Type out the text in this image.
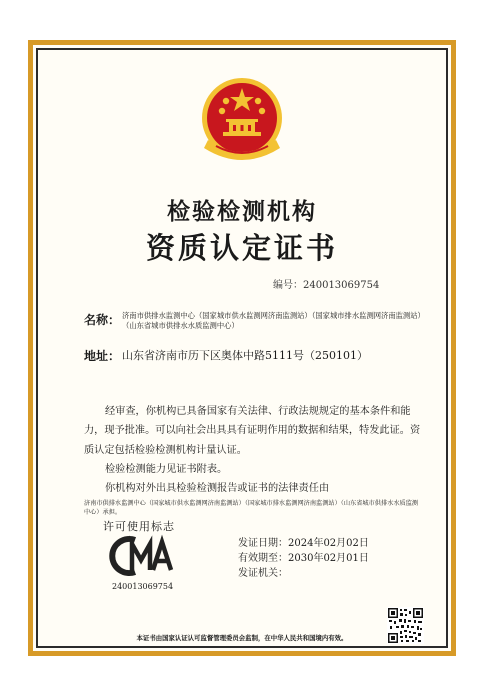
检验检测机构
资质认定证书
编号：240013069754
名称： 济南市供排水监测中心（国家城市供水监测网济南监测站）（国家城市排水监测网济南监测站）（山东省城市供排水水质监测中心）
地址： 山东省济南市历下区奥体中路5111号（250101）

经审查，你机构已具备国家有关法律、行政法规规定的基本条件和能力，现予批准。可以向社会出具具有证明作用的数据和结果，特发此证。资质认定包括检验检测机构计量认证。

检验检测能力见证书附表。

你机构对外出具检验检测报告或证书的法律责任由

济南市供排水监测中心（国家城市供水监测网济南监测站）（国家城市排水监测网济南监测站）（山东省城市供排水水质监测中心）承担。

许可使用标志
240013069754
发证日期：2024年02月02日
有效期至：2030年02月01日
发证机关：
本证书由国家认证认可监督管理委员会监制，在中华人民共和国境内有效。
